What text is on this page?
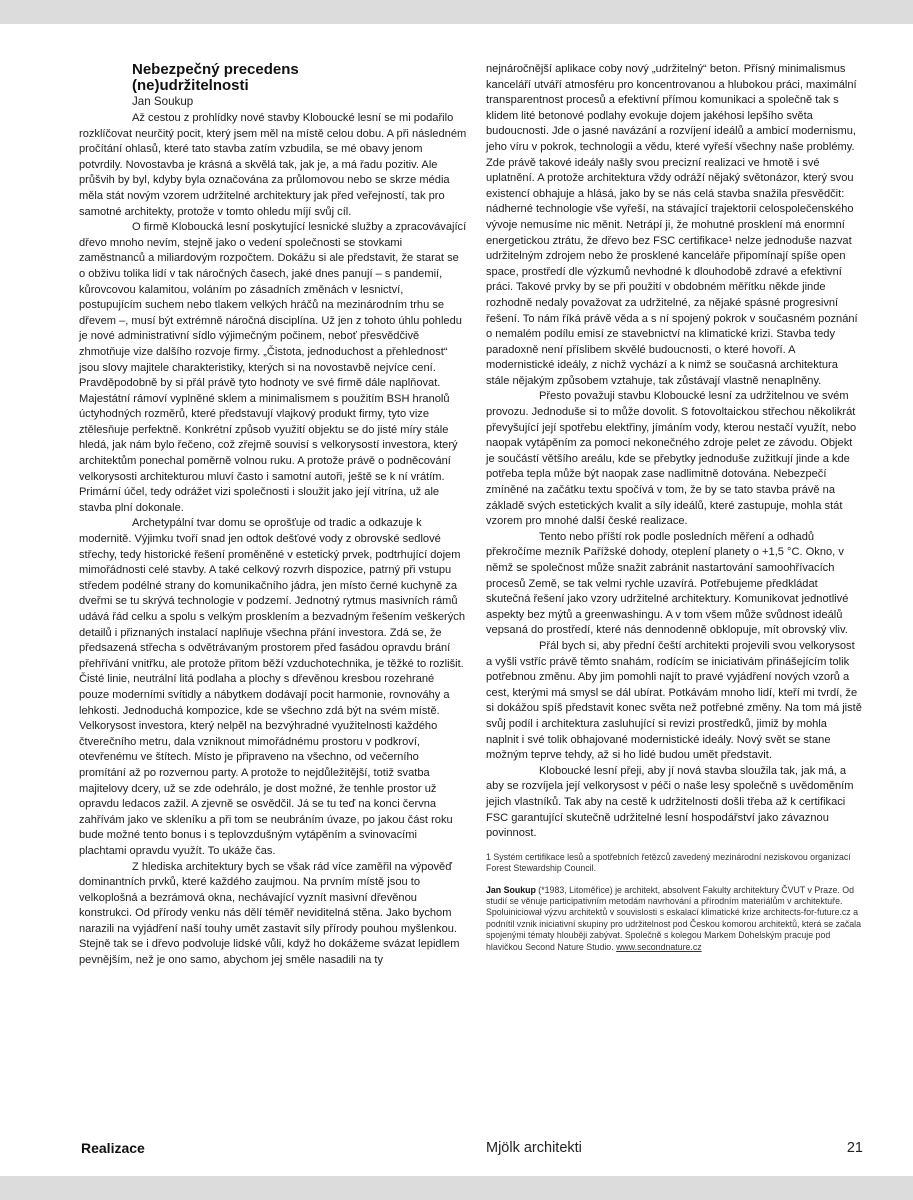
Nebezpečný precedens
(ne)udržitelnosti

Jan Soukup

Až cestou z prohlídky nové stavby Kloboucké lesní se mi podařilo rozklíčovat neurčitý pocit, který jsem měl na místě celou dobu. A při následném pročítání ohlasů, které tato stavba zatím vzbudila, se mé obavy jenom potvrdily. Novostavba je krásná a skvělá tak, jak je, a má řadu pozitiv. Ale průšvih by byl, kdyby byla označována za průlomovou nebo se skrze média měla stát novým vzorem udržitelné architektury jak před veřejností, tak pro samotné architekty, protože v tomto ohledu míjí svůj cíl.

O firmě Kloboucká lesní poskytující lesnické služby a zpracovávající dřevo mnoho nevím, stejně jako o vedení společnosti se stovkami zaměstnanců a miliardovým rozpočtem. Dokážu si ale představit, že starat se o obživu tolika lidí v tak náročných časech, jaké dnes panují – s pandemií, kůrovcovou kalamitou, voláním po zásadních změnách v lesnictví, postupujícím suchem nebo tlakem velkých hráčů na mezinárodním trhu se dřevem –, musí být extrémně náročná disciplína. Už jen z tohoto úhlu pohledu je nové administrativní sídlo výjimečným počinem, neboť přesvědčivě zhmotňuje vize dalšího rozvoje firmy. „Čistota, jednoduchost a přehlednost“ jsou slovy majitele charakteristiky, kterých si na novostavbě nejvíce cení. Pravděpodobně by si přál právě tyto hodnoty ve své firmě dále naplňovat. Majestátní rámoví vyplněné sklem a minimalismem s použitím BSH hranolů úctyhodných rozměrů, které představují vlajkový produkt firmy, tyto vize ztělesňuje perfektně. Konkrétní způsob využití objektu se do jisté míry stále hledá, jak nám bylo řečeno, což zřejmě souvisí s velkorysostí investora, který architektům ponechal poměrně volnou ruku. A protože právě o podněcování velkorysosti architekturou mluví často i samotní autoři, ještě se k ní vrátím. Primární účel, tedy odrážet vizi společnosti i sloužit jako její vitrína, už ale stavba plní dokonale.

Archetypální tvar domu se oprošťuje od tradic a odkazuje k modernitě. Výjimku tvoří snad jen odtok dešťové vody z obrovské sedlové střechy, tedy historické řešení proměněné v estetický prvek, podtrhující dojem mimořádnosti celé stavby. A také celkový rozvrh dispozice, patrný při vstupu středem podélné strany do komunikačního jádra, jen místo černé kuchyně za dveřmi se tu skrývá technologie v podzemí. Jednotný rytmus masivních rámů udává řád celku a spolu s velkým prosklením a bezvadným řešením veškerých detailů i přiznaných instalací naplňuje všechna přání investora. Zdá se, že předsazená střecha s odvětrávaným prostorem před fasádou opravdu brání přehřívání vnitřku, ale protože přitom běží vzduchotechnika, je těžké to rozlišit. Čisté linie, neutrální litá podlaha a plochy s dřevěnou kresbou rozehrané pouze moderními svítidly a nábytkem dodávají pocit harmonie, rovnováhy a lehkosti. Jednoduchá kompozice, kde se všechno zdá být na svém místě. Velkorysost investora, který nelpěl na bezvýhradné využitelnosti každého čtverečního metru, dala vzniknout mimořádnému prostoru v podkroví, otevřenému ve štítech. Místo je připraveno na všechno, od večerního promítání až po rozvernou party. A protože to nejdůležitější, totiž svatba majitelovy dcery, už se zde odehrálo, je dost možné, že tenhle prostor už opravdu ledacos zažil. A zjevně se osvědčil. Já se tu teď na konci června zahřívám jako ve skleníku a při tom se neubráním úvaze, po jakou část roku bude možné tento bonus i s teplovzdušným vytápěním a svinovacími plachtami opravdu využít. To ukáže čas.

Z hlediska architektury bych se však rád více zaměřil na výpověď dominantních prvků, které každého zaujmou. Na prvním místě jsou to velkoplošná a bezrámová okna, nechávající vyznít masivní dřevěnou konstrukci. Od přírody venku nás dělí téměř neviditelná stěna. Jako bychom narazili na vyjádření naší touhy umět zastavit síly přírody pouhou myšlenkou. Stejně tak se i dřevo podvoluje lidské vůli, když ho dokážeme svázat lepidlem pevnějším, než je ono samo, abychom jej směle nasadili na ty

nejnáročnější aplikace coby nový „udržitelný“ beton. Přísný minimalismus kanceláří utváří atmosféru pro koncentrovanou a hlubokou práci, maximální transparentnost procesů a efektivní přímou komunikaci a společně tak s klidem lité betonové podlahy evokuje dojem jakéhosi lepšího světa budoucnosti. Jde o jasné navázání a rozvíjení ideálů a ambicí modernismu, jeho víru v pokrok, technologii a vědu, které vyřeší všechny naše problémy. Zde právě takové ideály našly svou precizní realizaci ve hmotě i své uplatnění. A protože architektura vždy odráží nějaký světonázor, který svou existencí obhajuje a hlásá, jako by se nás celá stavba snažila přesvědčit: nádherné technologie vše vyřeší, na stávající trajektorii celospolečenského vývoje nemusíme nic měnit. Netrápí ji, že mohutné prosklení má enormní energetickou ztrátu, že dřevo bez FSC certifikace¹ nelze jednoduše nazvat udržitelným zdrojem nebo že prosklené kanceláře připomínají spíše open space, prostředí dle výzkumů nevhodné k dlouhodobě zdravé a efektivní práci. Takové prvky by se při použití v obdobném měřítku někde jinde rozhodně nedaly považovat za udržitelné, za nějaké spásné progresivní řešení. To nám říká právě věda a s ní spojený pokrok v současném poznání o nemalém podílu emisí ze stavebnictví na klimatické krizi. Stavba tedy paradoxně není příslibem skvělé budoucnosti, o které hovoří. A modernistické ideály, z nichž vychází a k nimž se současná architektura stále nějakým způsobem vztahuje, tak zůstávají vlastně nenaplněny.

Přesto považuji stavbu Kloboucké lesní za udržitelnou ve svém provozu. Jednoduše si to může dovolit. S fotovoltaickou střechou několikrát převyšující její spotřebu elektřiny, jímáním vody, kterou nestačí využít, nebo naopak vytápěním za pomoci nekonečného zdroje pelet ze závodu. Objekt je součástí většího areálu, kde se přebytky jednoduše zužitkují jinde a kde potřeba tepla může být naopak zase nadlimitně dotována. Nebezpečí zmíněné na začátku textu spočívá v tom, že by se tato stavba právě na základě svých estetických kvalit a síly ideálů, které zastupuje, mohla stát vzorem pro mnohé další české realizace.

Tento nebo příští rok podle posledních měření a odhadů překročíme mezník Pařížské dohody, oteplení planety o +1,5 °C. Okno, v němž se společnost může snažit zabránit nastartování samoohřívacích procesů Země, se tak velmi rychle uzavírá. Potřebujeme předkládat skutečná řešení jako vzory udržitelné architektury. Komunikovat jednotlivé aspekty bez mýtů a greenwashingu. A v tom všem může svůdnost ideálů vepsaná do prostředí, které nás dennodenně obklopuje, mít obrovský vliv.

Přál bych si, aby přední čeští architekti projevili svou velkorysost a vyšli vstříc právě těmto snahám, rodícím se iniciativám přinášejícím tolik potřebnou změnu. Aby jim pomohli najít to pravé vyjádření nových vzorů a cest, kterými má smysl se dál ubírat. Potkávám mnoho lidí, kteří mi tvrdí, že si dokážou spíš představit konec světa než potřebné změny. Na tom má jistě svůj podíl i architektura zasluhující si revizi prostředků, jimiž by mohla naplnit i své tolik obhajované modernistické ideály. Nový svět se stane možným teprve tehdy, až si ho lidé budou umět představit.

Kloboucké lesní přeji, aby jí nová stavba sloužila tak, jak má, a aby se rozvíjela její velkorysost v péči o naše lesy společně s uvědoměním jejich vlastníků. Tak aby na cestě k udržitelnosti došli třeba až k certifikaci FSC garantující skutečně udržitelné lesní hospodářství jako závaznou povinnost.

1 Systém certifikace lesů a spotřebních řetězců zavedený mezinárodní neziskovou organizací Forest Stewardship Council.

Jan Soukup (*1983, Litoměřice) je architekt, absolvent Fakulty architektury ČVUT v Praze. Od studií se věnuje participativním metodám navrhování a přírodním materiálům v architektuře. Spoluiniciował výzvu architektů v souvislosti s eskalací klimatické krize architects-for-future.cz a podnítil vznik iniciativní skupiny pro udržitelnost pod Českou komorou architektů, která se začala spojenými tématy hlouběji zabývat. Společně s kolegou Markem Dohelským pracuje pod hlavičkou Second Nature Studio. www.secondnature.cz

Realizace	Mjölk architekti	21
